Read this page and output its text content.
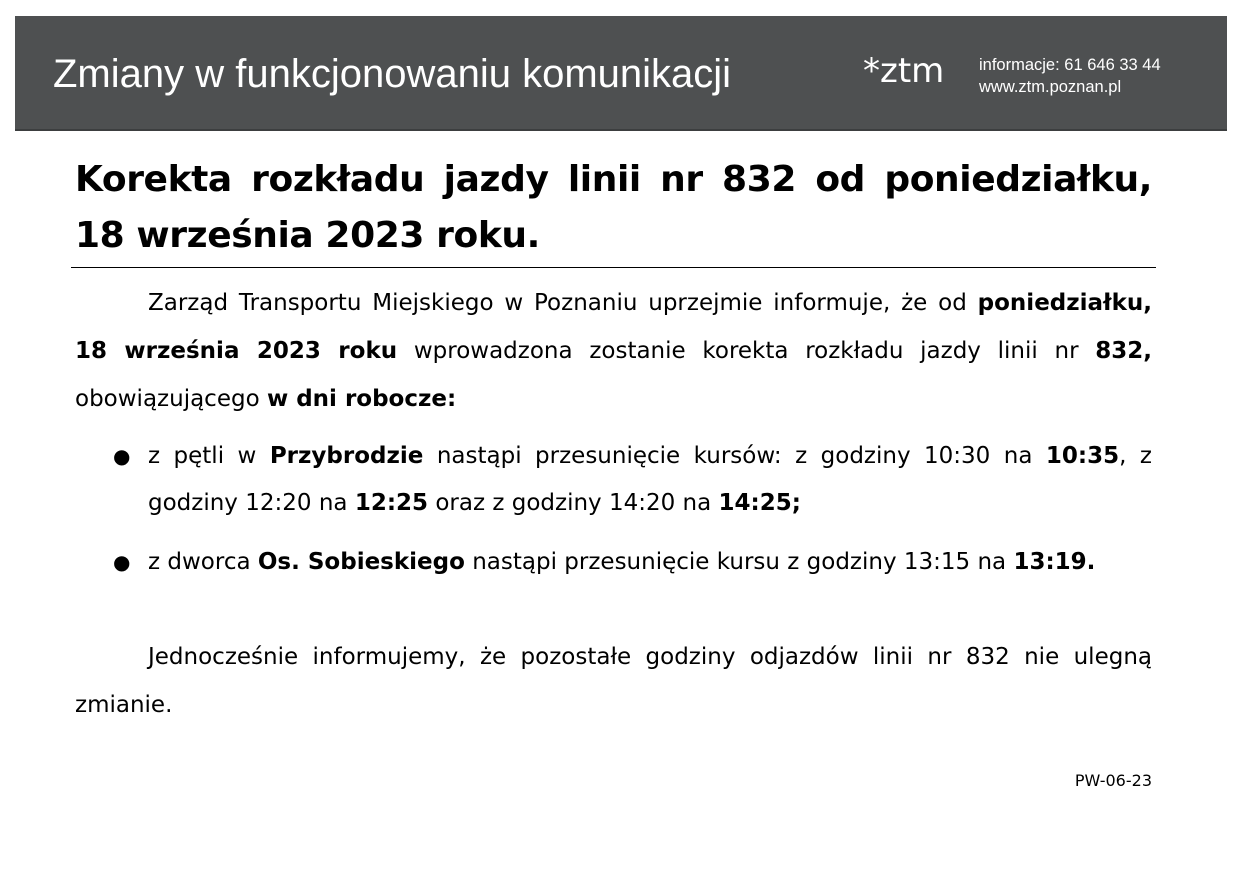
Zmiany w funkcjonowaniu komunikacji	*ztm informacje: 61 646 33 44
www.ztm.poznan.pl
Korekta rozkładu jazdy linii nr 832 od poniedziałku, 18 września 2023 roku.

Zarząd Transportu Miejskiego w Poznaniu uprzejmie informuje, że od poniedziałku, 18 września 2023 roku wprowadzona zostanie korekta rozkładu jazdy linii nr 832, obowiązującego w dni robocze:

● z pętli w Przybrodzie nastąpi przesunięcie kursów: z godziny 10:30 na 10:35, z godziny 12:20 na 12:25 oraz z godziny 14:20 na 14:25;
● z dworca Os. Sobieskiego nastąpi przesunięcie kursu z godziny 13:15 na 13:19.

Jednocześnie informujemy, że pozostałe godziny odjazdów linii nr 832 nie ulegną zmianie.

PW-06-23
